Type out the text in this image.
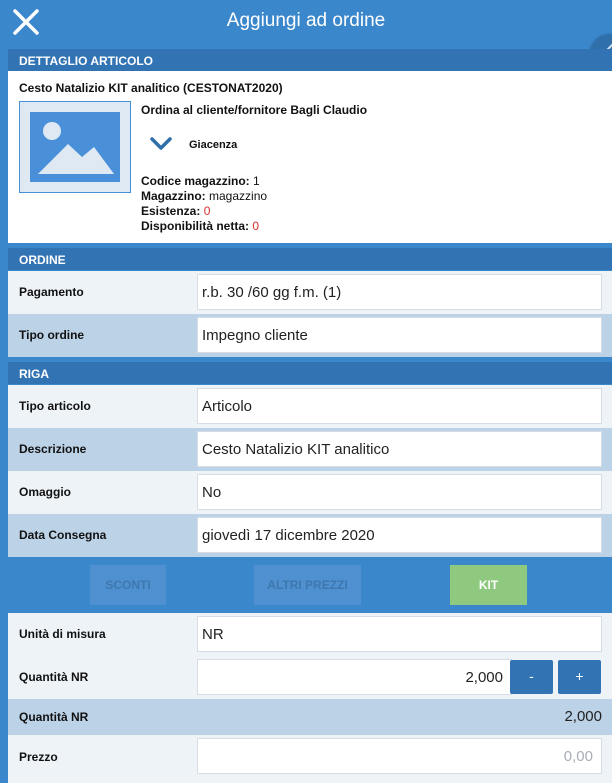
Aggiungi ad ordine
DETTAGLIO ARTICOLO
Cesto Natalizio KIT analitico (CESTONAT2020)
Ordina al cliente/fornitore Bagli Claudio
Giacenza
Codice magazzino: 1
Magazzino: magazzino
Esistenza: 0
Disponibilità netta: 0
ORDINE
Pagamento	r.b. 30 /60 gg f.m. (1)
Tipo ordine	Impegno cliente
RIGA
Tipo articolo	Articolo
Descrizione	Cesto Natalizio KIT analitico
Omaggio	No
Data Consegna	giovedì 17 dicembre 2020
SCONTI	ALTRI PREZZI	KIT
Unità di misura	NR
Quantità NR	2,000	-	+
Quantità NR	2,000
Prezzo	0,00
